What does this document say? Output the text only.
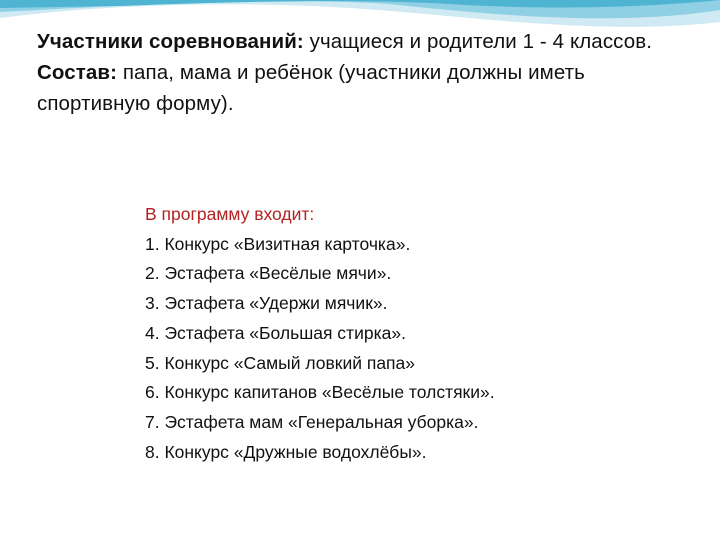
Участники соревнований: учащиеся и родители 1 - 4 классов.

Состав: папа, мама и ребёнок (участники должны иметь спортивную форму).

В программу входит:
1. Конкурс «Визитная карточка».
2. Эстафета «Весёлые мячи».
3. Эстафета «Удержи мячик».
4. Эстафета «Большая стирка».
5. Конкурс «Самый ловкий папа»
6. Конкурс капитанов «Весёлые толстяки».
7. Эстафета мам «Генеральная уборка».
8. Конкурс «Дружные водохлёбы».
